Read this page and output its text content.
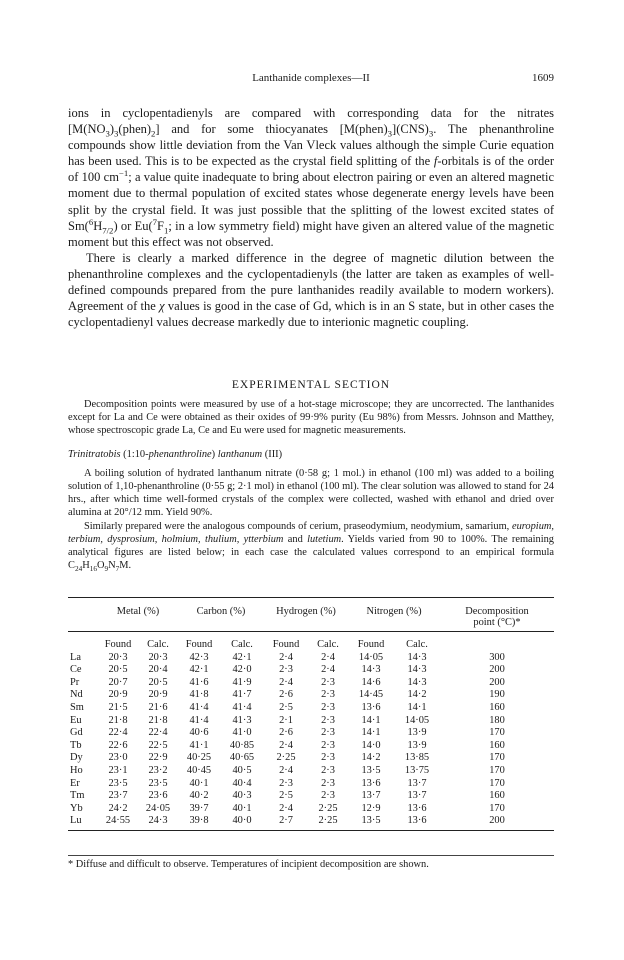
Lanthanide complexes—II	1609

ions in cyclopentadienyls are compared with corresponding data for the nitrates $[M(NO_3)_3(phen)_2]$ and for some thiocyanates $[M(phen)_3](CNS)_3$. The phenanthroline compounds show little deviation from the Van Vleck values although the simple Curie equation has been used. This is to be expected as the crystal field splitting of the f-orbitals is of the order of 100 $cm^{-1}$; a value quite inadequate to bring about electron pairing or even an altered magnetic moment due to thermal population of excited states whose degenerate energy levels have been split by the crystal field. It was just possible that the splitting of the lowest excited states of $Sm(^6H_{7/2})$ or $Eu(^7F_1$; in a low symmetry field) might have given an altered value of the magnetic moment but this effect was not observed.

There is clearly a marked difference in the degree of magnetic dilution between the phenanthroline complexes and the cyclopentadienyls (the latter are taken as examples of well-defined compounds prepared from the pure lanthanides readily available to modern workers). Agreement of the χ values is good in the case of Gd, which is in an S state, but in other cases the cyclopentadienyl values decrease markedly due to interionic magnetic coupling.

EXPERIMENTAL SECTION

Decomposition points were measured by use of a hot-stage microscope; they are uncorrected. The lanthanides except for La and Ce were obtained as their oxides of 99·9% purity (Eu 98%) from Messrs. Johnson and Matthey, whose spectroscopic grade La, Ce and Eu were used for magnetic measurements.

Trinitratobis (1:10-phenanthroline) lanthanum (III)

A boiling solution of hydrated lanthanum nitrate (0·58 g; 1 mol.) in ethanol (100 ml) was added to a boiling solution of 1,10-phenanthroline (0·55 g; 2·1 mol) in ethanol (100 ml). The clear solution was allowed to stand for 24 hrs., after which time well-formed crystals of the complex were collected, washed with ethanol and dried over alumina at 20°/12 mm. Yield 90%.

Similarly prepared were the analogous compounds of cerium, praseodymium, neodymium, samarium, europium, terbium, dysprosium, holmium, thulium, ytterbium and lutetium. Yields varied from 90 to 100%. The remaining analytical figures are listed below; in each case the calculated values correspond to an empirical formula $C_{24}H_{16}O_9N_7M$.

	Metal (%)		Carbon (%)		Hydrogen (%)		Nitrogen (%)		Decomposition

									point (°C)*
	Found	Calc.	Found	Calc.	Found	Calc.	Found	Calc.	
La	20·3	20·3	42·3	42·1	2·4	2·4	14·05	14·3	300
Ce	20·5	20·4	42·1	42·0	2·3	2·4	14·3	14·3	200
Pr	20·7	20·5	41·6	41·9	2·4	2·3	14·6	14·3	200
Nd	20·9	20·9	41·8	41·7	2·6	2·3	14·45	14·2	190
Sm	21·5	21·6	41·4	41·4	2·5	2·3	13·6	14·1	160
Eu	21·8	21·8	41·4	41·3	2·1	2·3	14·1	14·05	180
Gd	22·4	22·4	40·6	41·0	2·6	2·3	14·1	13·9	170
Tb	22·6	22·5	41·1	40·85	2·4	2·3	14·0	13·9	160
Dy	23·0	22·9	40·25	40·65	2·25	2·3	14·2	13·85	170
Ho	23·1	23·2	40·45	40·5	2·4	2·3	13·5	13·75	170
Er	23·5	23·5	40·1	40·4	2·3	2·3	13·6	13·7	170
Tm	23·7	23·6	40·2	40·3	2·5	2·3	13·7	13·7	160
Yb	24·2	24·05	39·7	40·1	2·4	2·25	12·9	13·6	170
Lu	24·55	24·3	39·8	40·0	2·7	2·25	13·5	13·6	200
* Diffuse and difficult to observe. Temperatures of incipient decomposition are shown.
